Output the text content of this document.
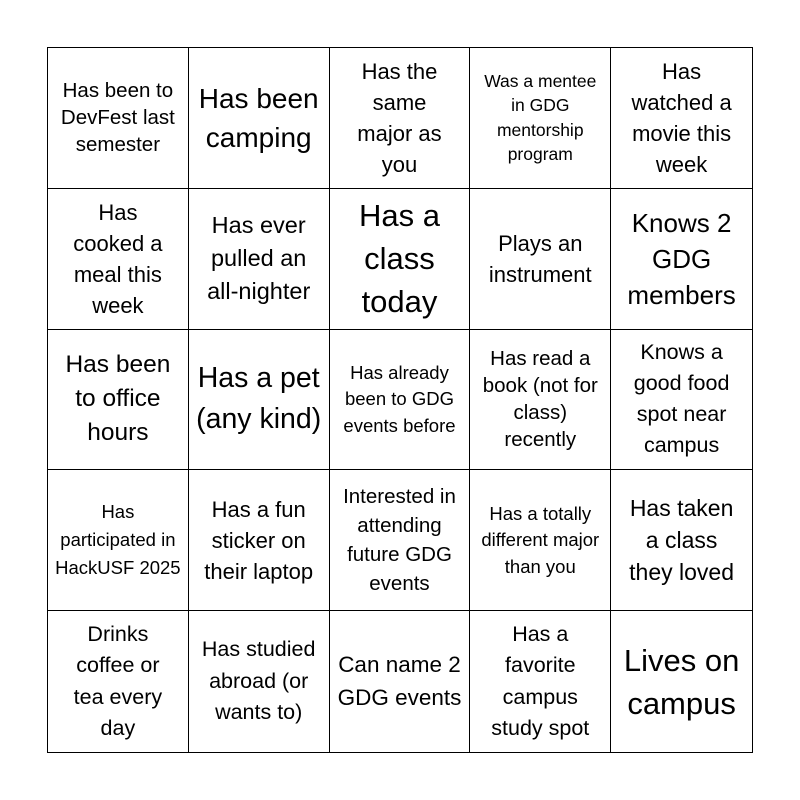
Has been to DevFest last semester
Has been camping
Has the same major as you
Was a mentee in GDG mentorship program
Has watched a movie this week
Has cooked a meal this week
Has ever pulled an all-nighter
Has a class today
Plays an instrument
Knows 2 GDG members
Has been to office hours
Has a pet (any kind)
Has already been to GDG events before
Has read a book (not for class) recently
Knows a good food spot near campus
Has participated in HackUSF 2025
Has a fun sticker on their laptop
Interested in attending future GDG events
Has a totally different major than you
Has taken a class they loved
Drinks coffee or tea every day
Has studied abroad (or wants to)
Can name 2 GDG events
Has a favorite campus study spot
Lives on campus
